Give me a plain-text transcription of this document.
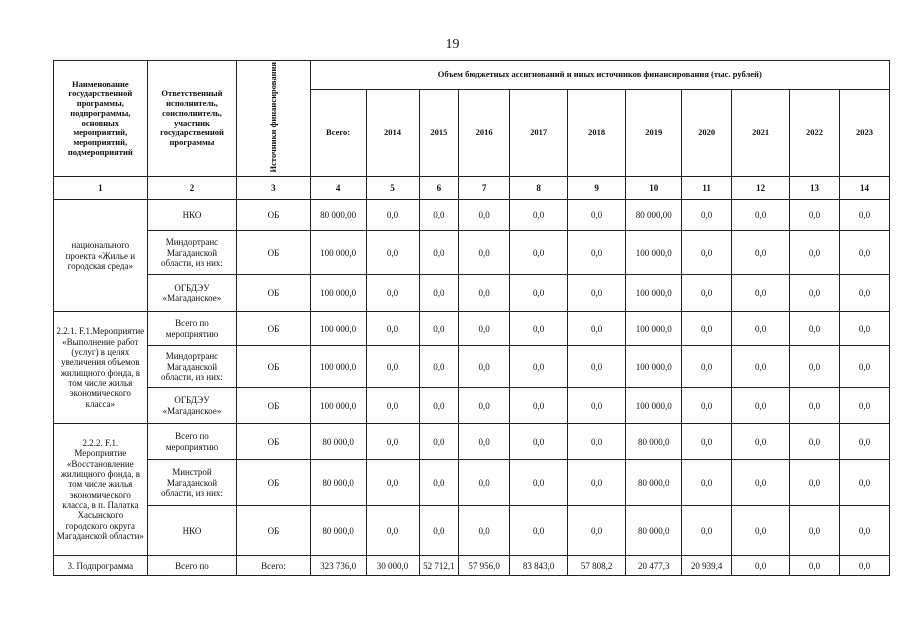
19
Наименование государственной программы, подпрограммы, основных мероприятий, мероприятий, подмероприятий	Ответственный исполнитель, соисполнитель, участник государственной программы	Источники финансирования	Объем бюджетных ассигнований и иных источников финансирования (тыс. рублей)										
			Всего:	2014	2015	2016	2017	2018	2019	2020	2021	2022	2023
1	2	3	4	5	6	7	8	9	10	11	12	13	14
национального проекта «Жилье и городская среда»	НКО	ОБ	80 000,00	0,0	0,0	0,0	0,0	0,0	80 000,00	0,0	0,0	0,0	0,0
	Миндортранс Магаданской области, из них:	ОБ	100 000,0	0,0	0,0	0,0	0,0	0,0	100 000,0	0,0	0,0	0,0	0,0
	ОГБДЭУ «Магаданское»	ОБ	100 000,0	0,0	0,0	0,0	0,0	0,0	100 000,0	0,0	0,0	0,0	0,0
2.2.1. F.1.Мероприятие «Выполнение работ (услуг) в целях увеличения объемов жилищного фонда, в том числе жилья экономического класса»	Всего по мероприятию	ОБ	100 000,0	0,0	0,0	0,0	0,0	0,0	100 000,0	0,0	0,0	0,0	0,0
	Миндортранс Магаданской области, из них:	ОБ	100 000,0	0,0	0,0	0,0	0,0	0,0	100 000,0	0,0	0,0	0,0	0,0
	ОГБДЭУ «Магаданское»	ОБ	100 000,0	0,0	0,0	0,0	0,0	0,0	100 000,0	0,0	0,0	0,0	0,0
2.2.2. F.1. Мероприятие «Восстановление жилищного фонда, в том числе жилья экономического класса, в п. Палатка Хасынского городского округа Магаданской области»	Всего по мероприятию	ОБ	80 000,0	0,0	0,0	0,0	0,0	0,0	80 000,0	0,0	0,0	0,0	0,0
	Минстрой Магаданской области, из них:	ОБ	80 000,0	0,0	0,0	0,0	0,0	0,0	80 000,0	0,0	0,0	0,0	0,0
	НКО	ОБ	80 000,0	0,0	0,0	0,0	0,0	0,0	80 000,0	0,0	0,0	0,0	0,0
3. Подпрограмма	Всего по	Всего:	323 736,0	30 000,0	52 712,1	57 956,0	83 843,0	57 808,2	20 477,3	20 939,4	0,0	0,0	0,0
